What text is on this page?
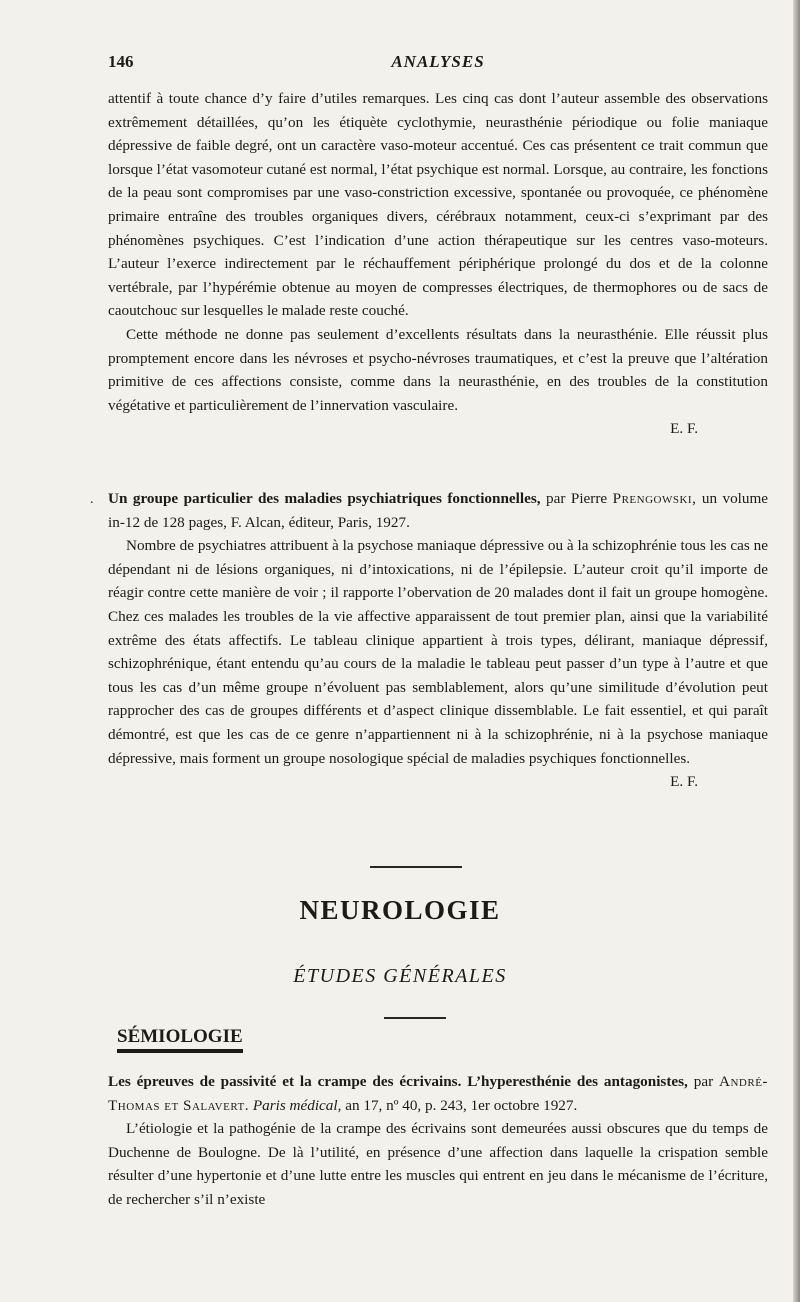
146	ANALYSES

attentif à toute chance d’y faire d’utiles remarques. Les cinq cas dont l’auteur assemble des observations extrêmement détaillées, qu’on les étiquète cyclothymie, neurasthénie périodique ou folie maniaque dépressive de faible degré, ont un caractère vaso-moteur accentué. Ces cas présentent ce trait commun que lorsque l’état vasomoteur cutané est normal, l’état psychique est normal. Lorsque, au contraire, les fonctions de la peau sont compromises par une vaso-constriction excessive, spontanée ou provoquée, ce phénomène primaire entraîne des troubles organiques divers, cérébraux notamment, ceux-ci s’exprimant par des phénomènes psychiques. C’est l’indication d’une action thérapeutique sur les centres vaso-moteurs. L’auteur l’exerce indirectement par le réchauffement périphérique prolongé du dos et de la colonne vertébrale, par l’hypérémie obtenue au moyen de compresses électriques, de thermophores ou de sacs de caoutchouc sur lesquelles le malade reste couché.

Cette méthode ne donne pas seulement d’excellents résultats dans la neurasthénie. Elle réussit plus promptement encore dans les névroses et psycho-névroses traumatiques, et c’est la preuve que l’altération primitive de ces affections consiste, comme dans la neurasthénie, en des troubles de la constitution végétative et particulièrement de l’innervation vasculaire.

E. F.

. Un groupe particulier des maladies psychiatriques fonctionnelles, par Pierre Prengowski, un volume in-12 de 128 pages, F. Alcan, éditeur, Paris, 1927.

Nombre de psychiatres attribuent à la psychose maniaque dépressive ou à la schizophrénie tous les cas ne dépendant ni de lésions organiques, ni d’intoxications, ni de l’épilepsie. L’auteur croit qu’il importe de réagir contre cette manière de voir ; il rapporte l’obervation de 20 malades dont il fait un groupe homogène. Chez ces malades les troubles de la vie affective apparaissent de tout premier plan, ainsi que la variabilité extrême des états affectifs. Le tableau clinique appartient à trois types, délirant, maniaque dépressif, schizophrénique, étant entendu qu’au cours de la maladie le tableau peut passer d’un type à l’autre et que tous les cas d’un même groupe n’évoluent pas semblablement, alors qu’une similitude d’évolution peut rapprocher des cas de groupes différents et d’aspect clinique dissemblable. Le fait essentiel, et qui paraît démontré, est que les cas de ce genre n’appartiennent ni à la schizophrénie, ni à la psychose maniaque dépressive, mais forment un groupe nosologique spécial de maladies psychiques fonctionnelles.

E. F.

NEUROLOGIE
ÉTUDES GÉNÉRALES
SÉMIOLOGIE

Les épreuves de passivité et la crampe des écrivains. L’hyperesthénie des antagonistes, par André-Thomas et Salavert. Paris médical, an 17, nº 40, p. 243, 1er octobre 1927.

L’étiologie et la pathogénie de la crampe des écrivains sont demeurées aussi obscures que du temps de Duchenne de Boulogne. De là l’utilité, en présence d’une affection dans laquelle la crispation semble résulter d’une hypertonie et d’une lutte entre les muscles qui entrent en jeu dans le mécanisme de l’écriture, de rechercher s’il n’existe
